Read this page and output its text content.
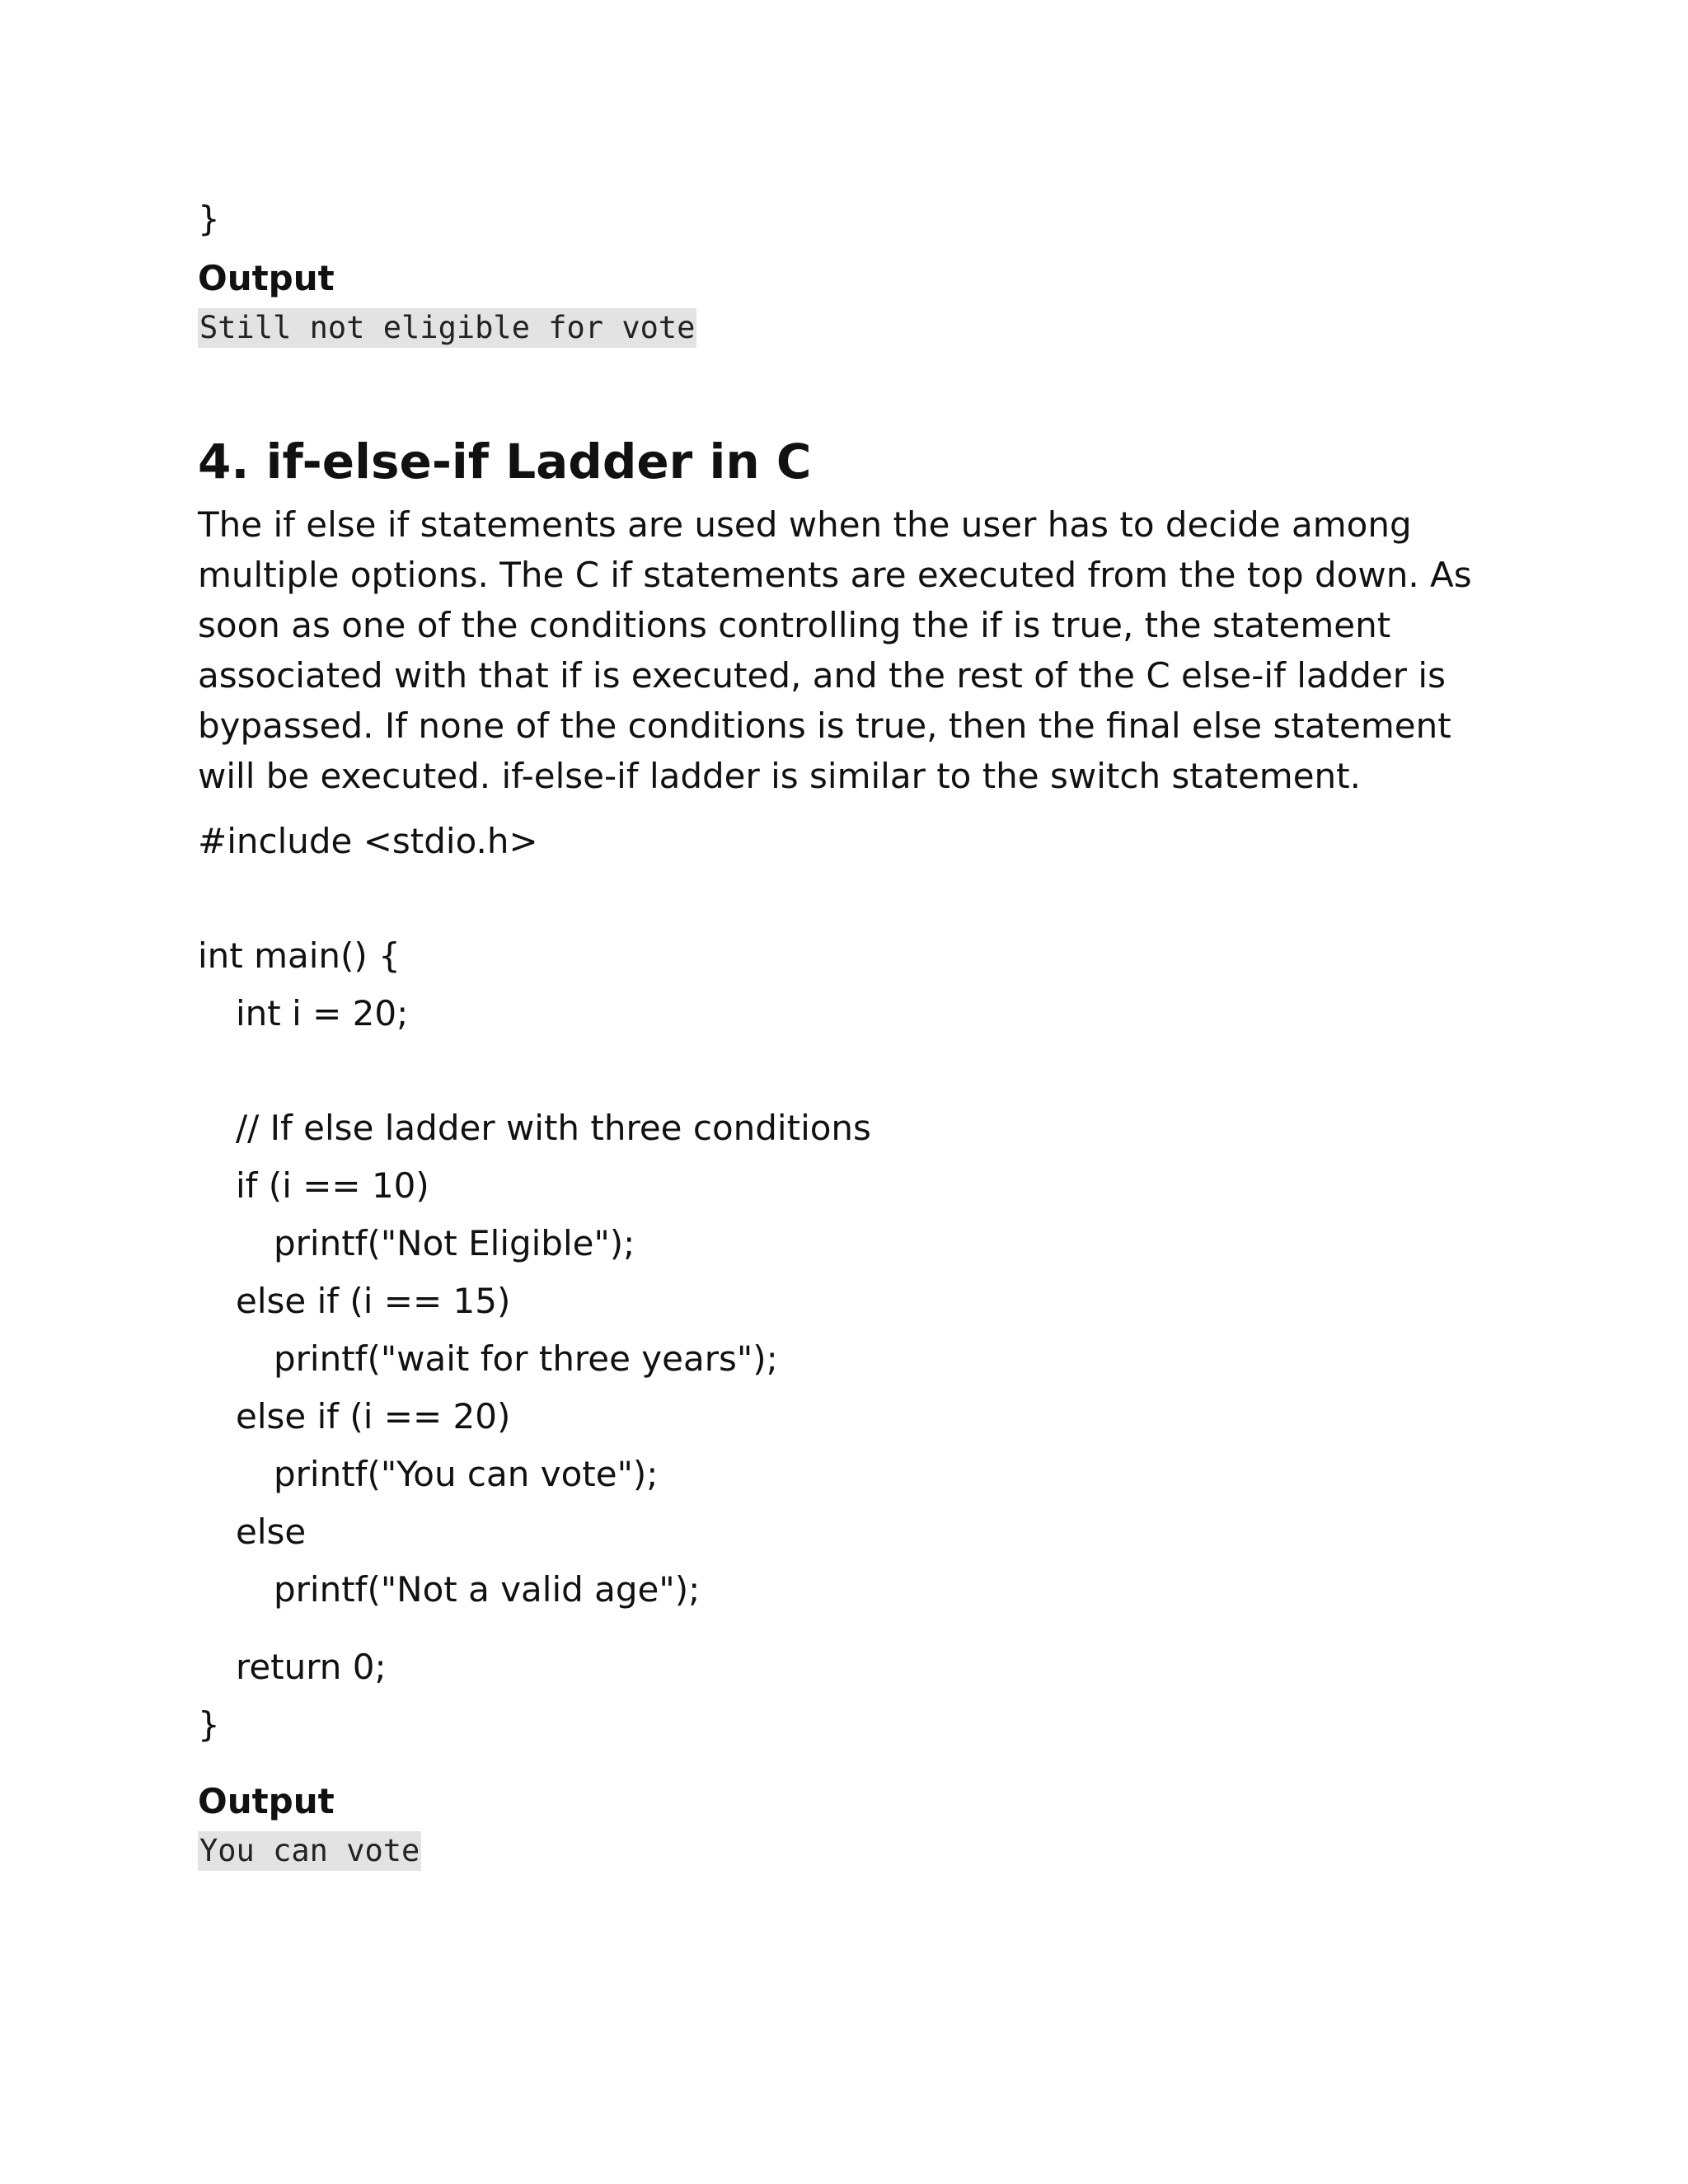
}
Output
Still not eligible for vote
4. if-else-if Ladder in C
The if else if statements are used when the user has to decide among multiple options. The C if statements are executed from the top down. As soon as one of the conditions controlling the if is true, the statement associated with that if is executed, and the rest of the C else-if ladder is bypassed. If none of the conditions is true, then the final else statement will be executed. if-else-if ladder is similar to the switch statement.
#include <stdio.h>
int main() {
int i = 20;
// If else ladder with three conditions
if (i == 10)
printf("Not Eligible");
else if (i == 15)
printf("wait for three years");
else if (i == 20)
printf("You can vote");
else
printf("Not a valid age");
return 0;
}
Output
You can vote
